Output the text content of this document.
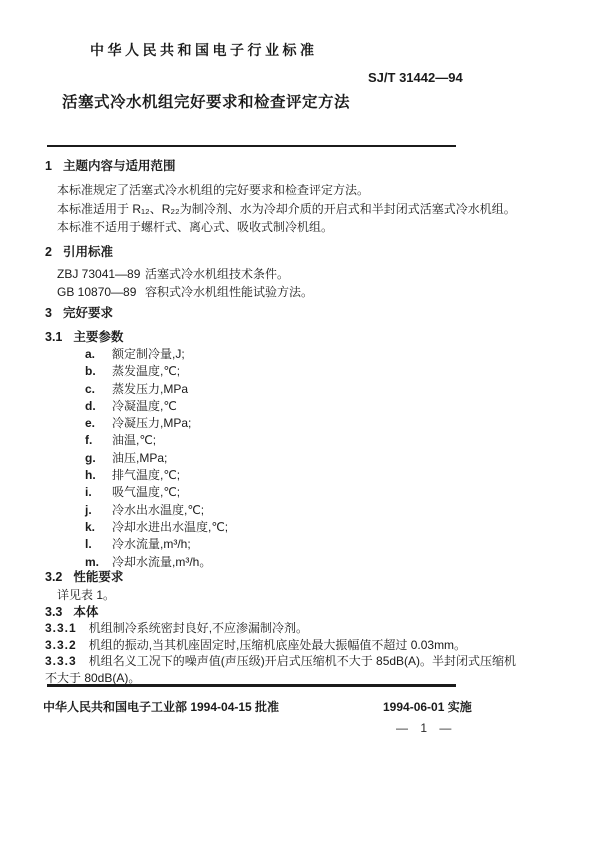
中华人民共和国电子行业标准
SJ/T 31442—94
活塞式冷水机组完好要求和检查评定方法
1 主题内容与适用范围
本标准规定了活塞式冷水机组的完好要求和检查评定方法。
本标准适用于 R₁₂、R₂₂为制冷剂、水为冷却介质的开启式和半封闭式活塞式冷水机组。
本标准不适用于螺杆式、离心式、吸收式制冷机组。
2 引用标准
ZBJ 73041—89 活塞式冷水机组技术条件。
GB 10870—89 容积式冷水机组性能试验方法。
3 完好要求
3.1 主要参数
a. 额定制冷量,J;
b. 蒸发温度,℃;
c. 蒸发压力,MPa
d. 冷凝温度,℃
e. 冷凝压力,MPa;
f. 油温,℃;
g. 油压,MPa;
h. 排气温度,℃;
i. 吸气温度,℃;
j. 冷水出水温度,℃;
k. 冷却水进出水温度,℃;
l. 冷水流量,m³/h;
m. 冷却水流量,m³/h。
3.2 性能要求
详见表 1。
3.3 本体
3.3.1 机组制冷系统密封良好,不应渗漏制冷剂。
3.3.2 机组的振动,当其机座固定时,压缩机底座处最大振幅值不超过 0.03mm。
3.3.3 机组名义工况下的噪声值(声压级)开启式压缩机不大于 85dB(A)。半封闭式压缩机不大于 80dB(A)。
中华人民共和国电子工业部 1994-04-15 批准	1994-06-01 实施
— 1 —
